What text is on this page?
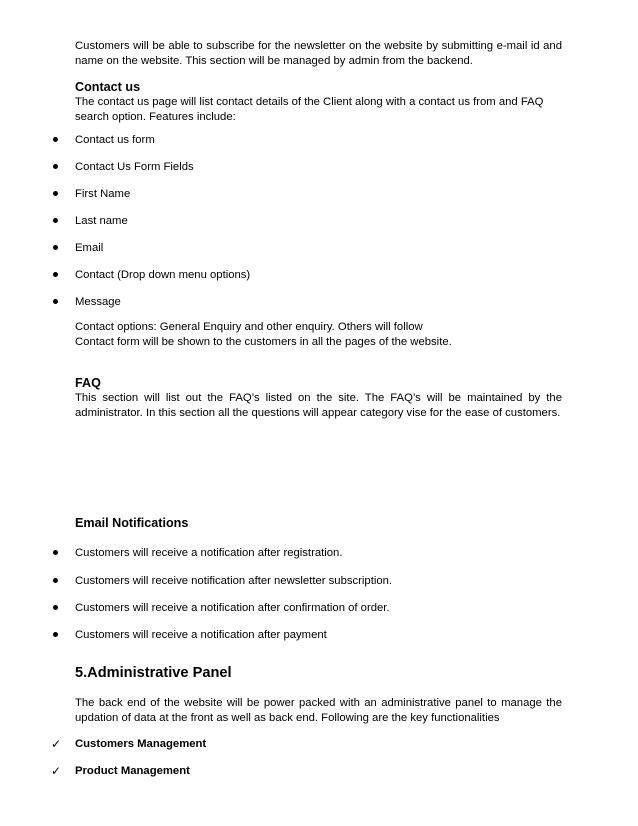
Customers will be able to subscribe for the newsletter on the website by submitting e-mail id and name on the website. This section will be managed by admin from the backend.
Contact us
The contact us page will list contact details of the Client along with a contact us from and FAQ search option. Features include:
Contact us form
Contact Us Form Fields
First Name
Last name
Email
Contact (Drop down menu options)
Message
Contact options: General Enquiry and other enquiry. Others will follow
Contact form will be shown to the customers in all the pages of the website.
FAQ
This section will list out the FAQ’s listed on the site. The FAQ’s will be maintained by the administrator. In this section all the questions will appear category vise for the ease of customers.
Email Notifications
Customers will receive a notification after registration.
Customers will receive notification after newsletter subscription.
Customers will receive a notification after confirmation of order.
Customers will receive a notification after payment
5.Administrative Panel
The back end of the website will be power packed with an administrative panel to manage the updation of data at the front as well as back end. Following are the key functionalities
✓ Customers Management
✓ Product Management
